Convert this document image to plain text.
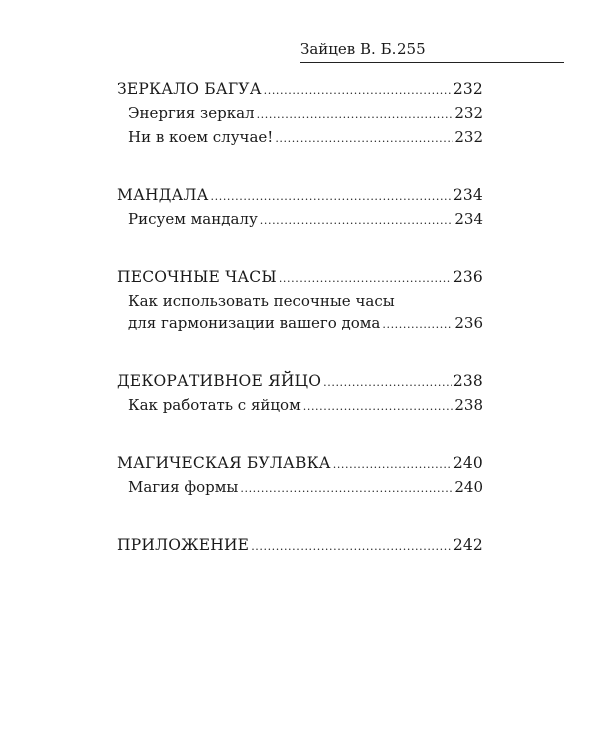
Зайцев В. Б. 255
ЗЕРКАЛО БАГУА .....	232
Энергия зеркал .....	232
Ни в коем случае! .....	232
МАНДАЛА .....	234
Рисуем мандалу .....	234
ПЕСОЧНЫЕ ЧАСЫ .....	236
Как использовать песочные часы
для гармонизации вашего дома .....	236
ДЕКОРАТИВНОЕ ЯЙЦО .....	238
Как работать с яйцом .....	238
МАГИЧЕСКАЯ БУЛАВКА .....	240
Магия формы .....	240
ПРИЛОЖЕНИЕ .....	242
